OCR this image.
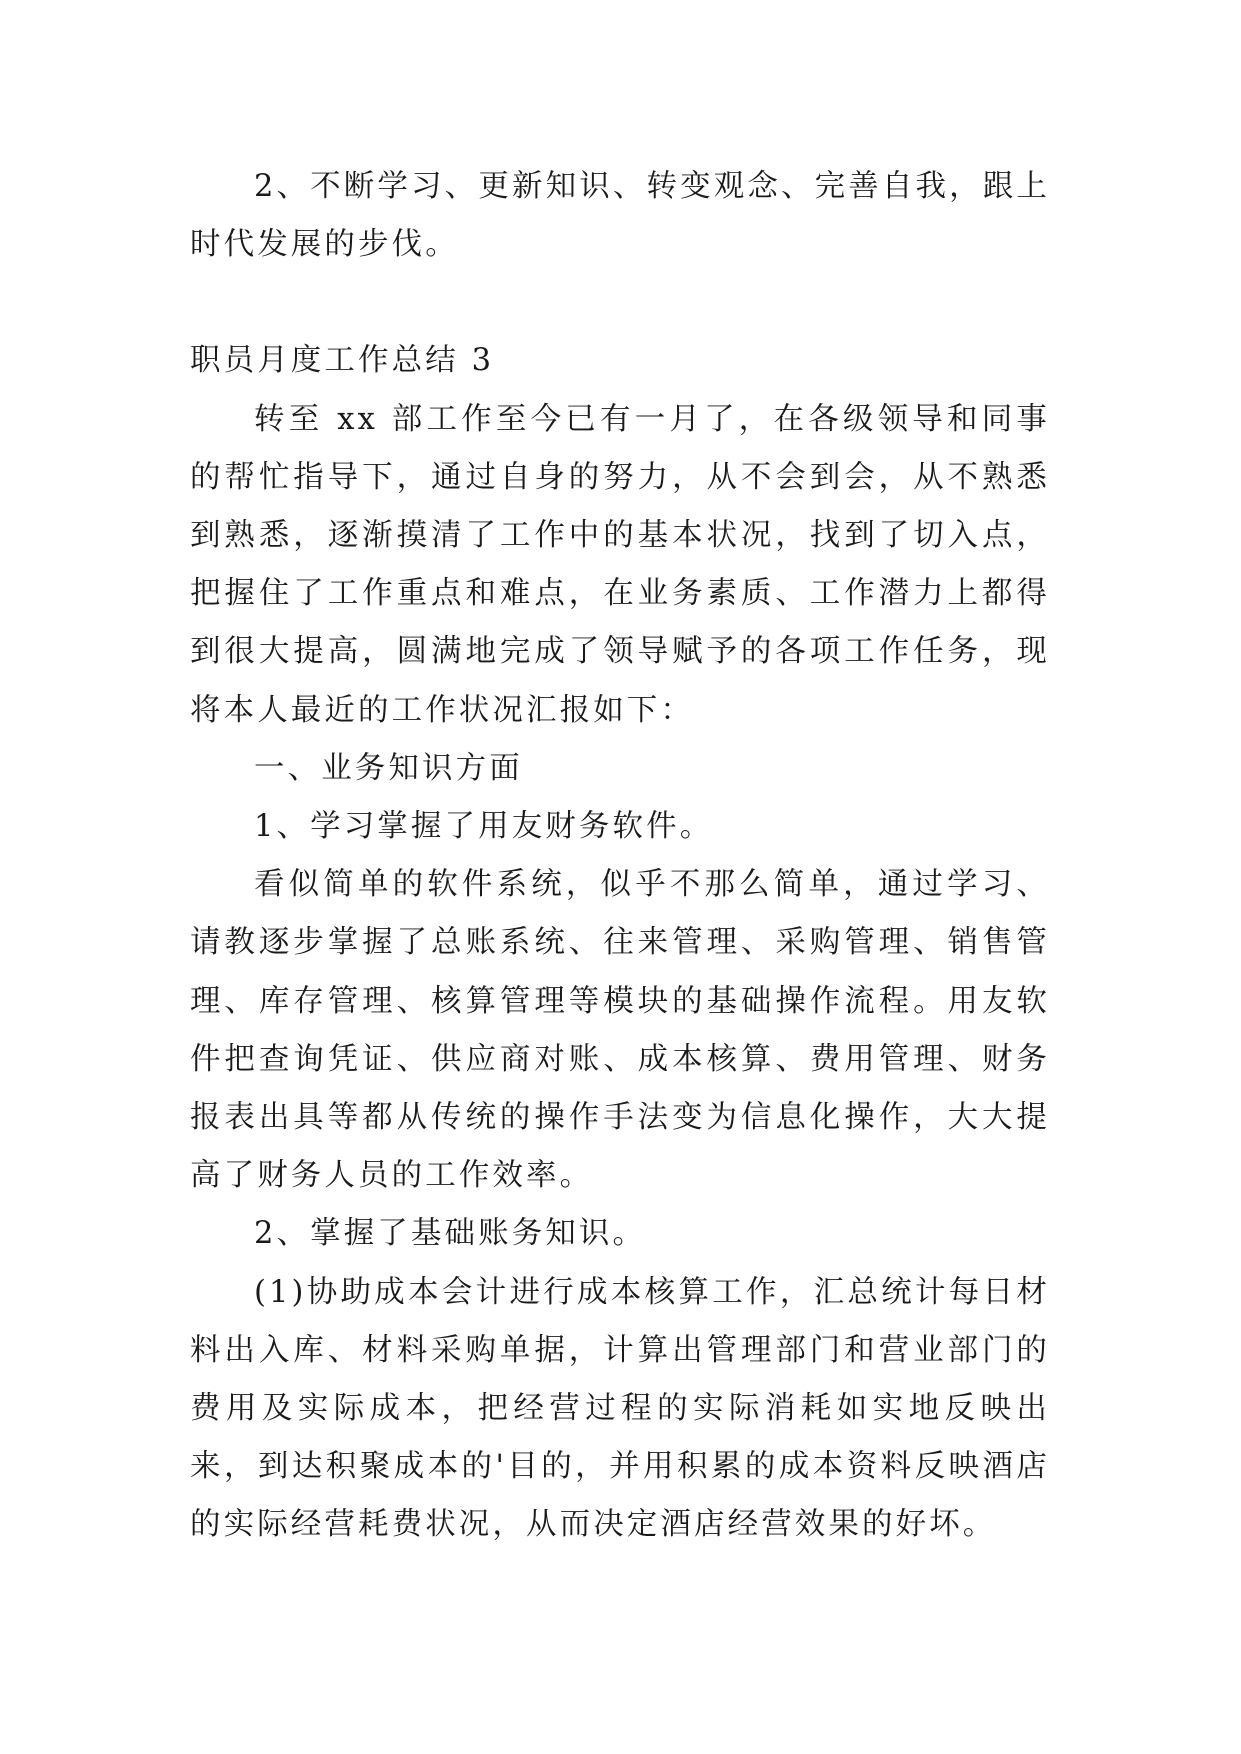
2、不断学习、更新知识、转变观念、完善自我，跟上时代发展的步伐。

职员月度工作总结 3

转至 xx 部工作至今已有一月了，在各级领导和同事的帮忙指导下，通过自身的努力，从不会到会，从不熟悉到熟悉，逐渐摸清了工作中的基本状况，找到了切入点，把握住了工作重点和难点，在业务素质、工作潜力上都得到很大提高，圆满地完成了领导赋予的各项工作任务，现将本人最近的工作状况汇报如下：

一、业务知识方面

1、学习掌握了用友财务软件。

看似简单的软件系统，似乎不那么简单，通过学习、请教逐步掌握了总账系统、往来管理、采购管理、销售管理、库存管理、核算管理等模块的基础操作流程。用友软件把查询凭证、供应商对账、成本核算、费用管理、财务报表出具等都从传统的操作手法变为信息化操作，大大提高了财务人员的工作效率。

2、掌握了基础账务知识。

(1)协助成本会计进行成本核算工作，汇总统计每日材料出入库、材料采购单据，计算出管理部门和营业部门的费用及实际成本，把经营过程的实际消耗如实地反映出来，到达积聚成本的'目的，并用积累的成本资料反映酒店的实际经营耗费状况，从而决定酒店经营效果的好坏。
